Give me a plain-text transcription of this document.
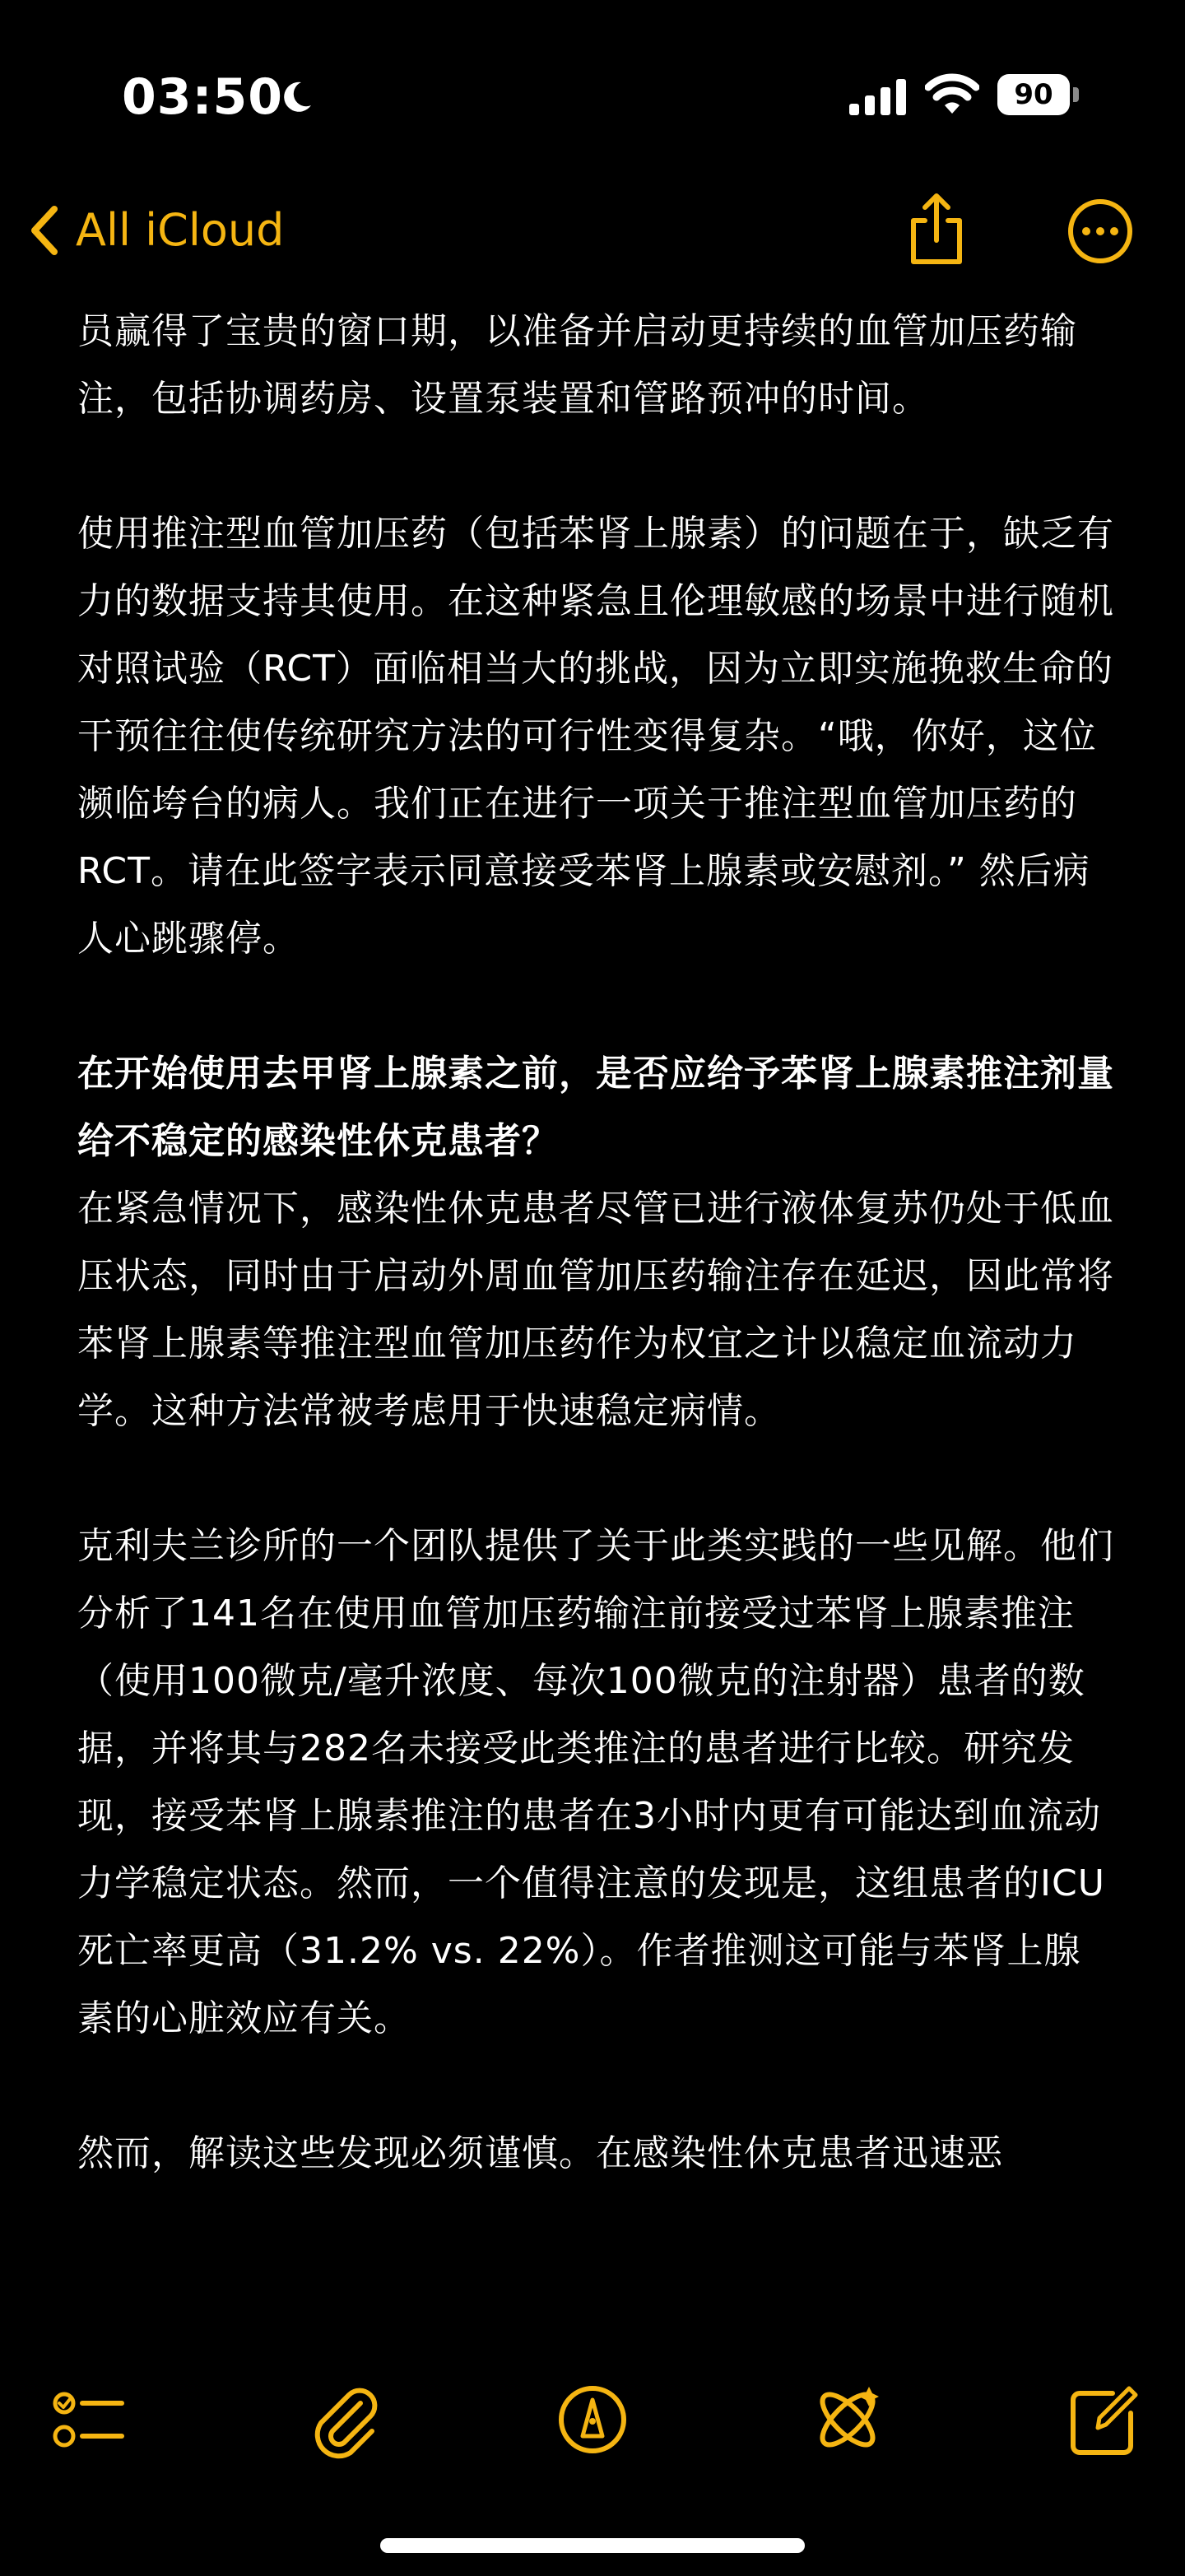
03:50	90
All iCloud

员赢得了宝贵的窗口期，以准备并启动更持续的血管加压药输注，包括协调药房、设置泵装置和管路预冲的时间。

使用推注型血管加压药（包括苯肾上腺素）的问题在于，缺乏有力的数据支持其使用。在这种紧急且伦理敏感的场景中进行随机对照试验（RCT）面临相当大的挑战，因为立即实施挽救生命的干预往往使传统研究方法的可行性变得复杂。“哦，你好，这位濒临垮台的病人。我们正在进行一项关于推注型血管加压药的RCT。请在此签字表示同意接受苯肾上腺素或安慰剂。” 然后病人心跳骤停。

在开始使用去甲肾上腺素之前，是否应给予苯肾上腺素推注剂量给不稳定的感染性休克患者？

在紧急情况下，感染性休克患者尽管已进行液体复苏仍处于低血压状态，同时由于启动外周血管加压药输注存在延迟，因此常将苯肾上腺素等推注型血管加压药作为权宜之计以稳定血流动力学。这种方法常被考虑用于快速稳定病情。

克利夫兰诊所的一个团队提供了关于此类实践的一些见解。他们分析了141名在使用血管加压药输注前接受过苯肾上腺素推注（使用100微克/毫升浓度、每次100微克的注射器）患者的数据，并将其与282名未接受此类推注的患者进行比较。研究发现，接受苯肾上腺素推注的患者在3小时内更有可能达到血流动力学稳定状态。然而，一个值得注意的发现是，这组患者的ICU死亡率更高（31.2% vs. 22%）。作者推测这可能与苯肾上腺素的心脏效应有关。

然而，解读这些发现必须谨慎。在感染性休克患者迅速恶
